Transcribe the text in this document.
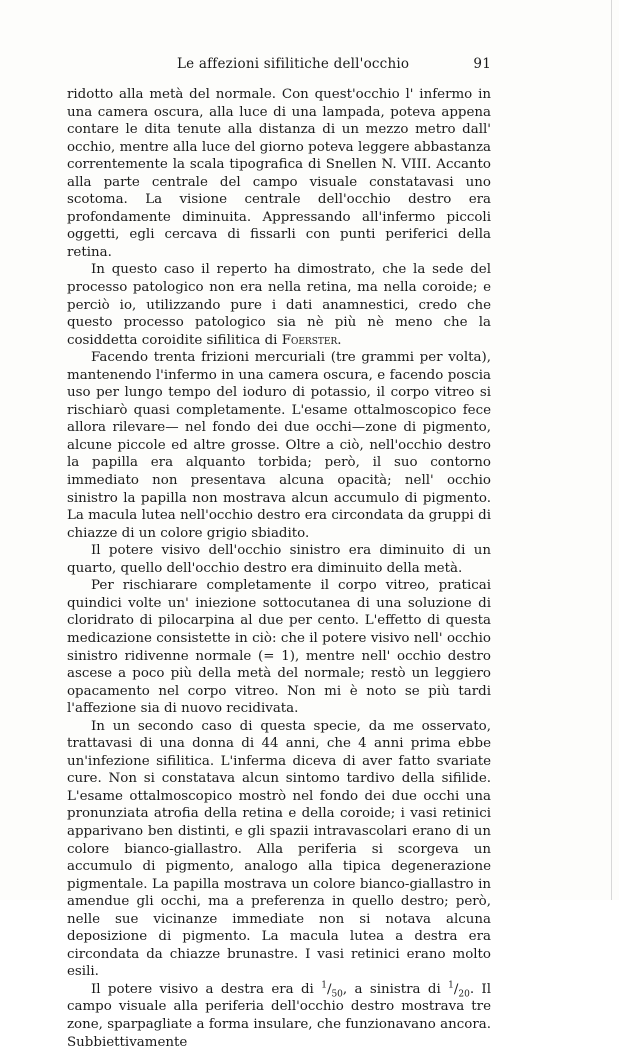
Le affezioni sifilitiche dell'occhio	91

ridotto alla metà del normale. Con quest'occhio l' infermo in una camera oscura, alla luce di una lampada, poteva appena contare le dita tenute alla distanza di un mezzo metro dall' occhio, mentre alla luce del giorno poteva leggere abbastanza correntemente la scala tipografica di Snellen N. VIII. Accanto alla parte centrale del campo visuale constatavasi uno scotoma. La visione centrale dell'occhio destro era profondamente diminuita. Appressando all'infermo piccoli oggetti, egli cercava di fissarli con punti periferici della retina.

In questo caso il reperto ha dimostrato, che la sede del processo patologico non era nella retina, ma nella coroide; e perciò io, utilizzando pure i dati anamnestici, credo che questo processo patologico sia nè più nè meno che la cosiddetta coroidite sifilitica di Foerster.

Facendo trenta frizioni mercuriali (tre grammi per volta), mantenendo l'infermo in una camera oscura, e facendo poscia uso per lungo tempo del ioduro di potassio, il corpo vitreo si rischiarò quasi completamente. L'esame ottalmoscopico fece allora rilevare— nel fondo dei due occhi—zone di pigmento, alcune piccole ed altre grosse. Oltre a ciò, nell'occhio destro la papilla era alquanto torbida; però, il suo contorno immediato non presentava alcuna opacità; nell' occhio sinistro la papilla non mostrava alcun accumulo di pigmento. La macula lutea nell'occhio destro era circondata da gruppi di chiazze di un colore grigio sbiadito.

Il potere visivo dell'occhio sinistro era diminuito di un quarto, quello dell'occhio destro era diminuito della metà.

Per rischiarare completamente il corpo vitreo, praticai quindici volte un' iniezione sottocutanea di una soluzione di cloridrato di pilocarpina al due per cento. L'effetto di questa medicazione consistette in ciò: che il potere visivo nell' occhio sinistro ridivenne normale (= 1), mentre nell' occhio destro ascese a poco più della metà del normale; restò un leggiero opacamento nel corpo vitreo. Non mi è noto se più tardi l'affezione sia di nuovo recidivata.

In un secondo caso di questa specie, da me osservato, trattavasi di una donna di 44 anni, che 4 anni prima ebbe un'infezione sifilitica. L'inferma diceva di aver fatto svariate cure. Non si constatava alcun sintomo tardivo della sifilide. L'esame ottalmoscopico mostrò nel fondo dei due occhi una pronunziata atrofia della retina e della coroide; i vasi retinici apparivano ben distinti, e gli spazii intravascolari erano di un colore bianco-giallastro. Alla periferia si scorgeva un accumulo di pigmento, analogo alla tipica degenerazione pigmentale. La papilla mostrava un colore bianco-giallastro in amendue gli occhi, ma a preferenza in quello destro; però, nelle sue vicinanze immediate non si notava alcuna deposizione di pigmento. La macula lutea a destra era circondata da chiazze brunastre. I vasi retinici erano molto esili.

Il potere visivo a destra era di $^1/_{50}$, a sinistra di $^1/_{20}$. Il campo visuale alla periferia dell'occhio destro mostrava tre zone, sparpagliate a forma insulare, che funzionavano ancora. Subbiettivamente
